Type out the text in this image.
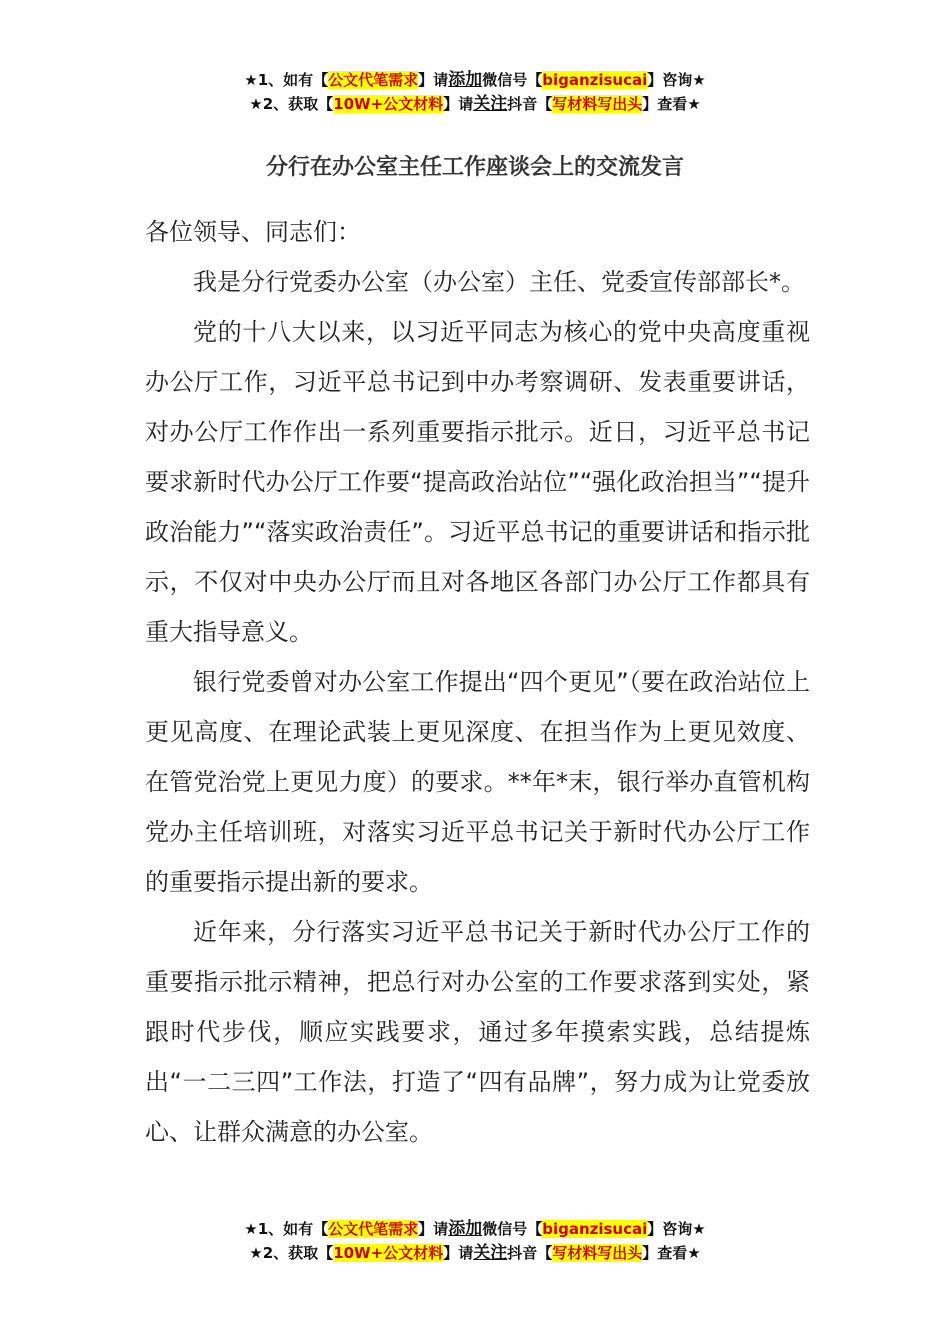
★1、如有【公文代笔需求】请添加微信号【biganzisucai】咨询★
★2、获取【10W+公文材料】请关注抖音【写材料写出头】查看★
分行在办公室主任工作座谈会上的交流发言

各位领导、同志们：

我是分行党委办公室（办公室）主任、党委宣传部部长*。

党的十八大以来，以习近平同志为核心的党中央高度重视办公厅工作，习近平总书记到中办考察调研、发表重要讲话，对办公厅工作作出一系列重要指示批示。近日，习近平总书记要求新时代办公厅工作要“提高政治站位”“强化政治担当”“提升政治能力”“落实政治责任”。习近平总书记的重要讲话和指示批示，不仅对中央办公厅而且对各地区各部门办公厅工作都具有重大指导意义。

银行党委曾对办公室工作提出“四个更见”（要在政治站位上更见高度、在理论武装上更见深度、在担当作为上更见效度、在管党治党上更见力度）的要求。**年*末，银行举办直管机构党办主任培训班，对落实习近平总书记关于新时代办公厅工作的重要指示提出新的要求。

近年来，分行落实习近平总书记关于新时代办公厅工作的重要指示批示精神，把总行对办公室的工作要求落到实处，紧跟时代步伐，顺应实践要求，通过多年摸索实践，总结提炼出“一二三四”工作法，打造了“四有品牌”，努力成为让党委放心、让群众满意的办公室。

★1、如有【公文代笔需求】请添加微信号【biganzisucai】咨询★
★2、获取【10W+公文材料】请关注抖音【写材料写出头】查看★
